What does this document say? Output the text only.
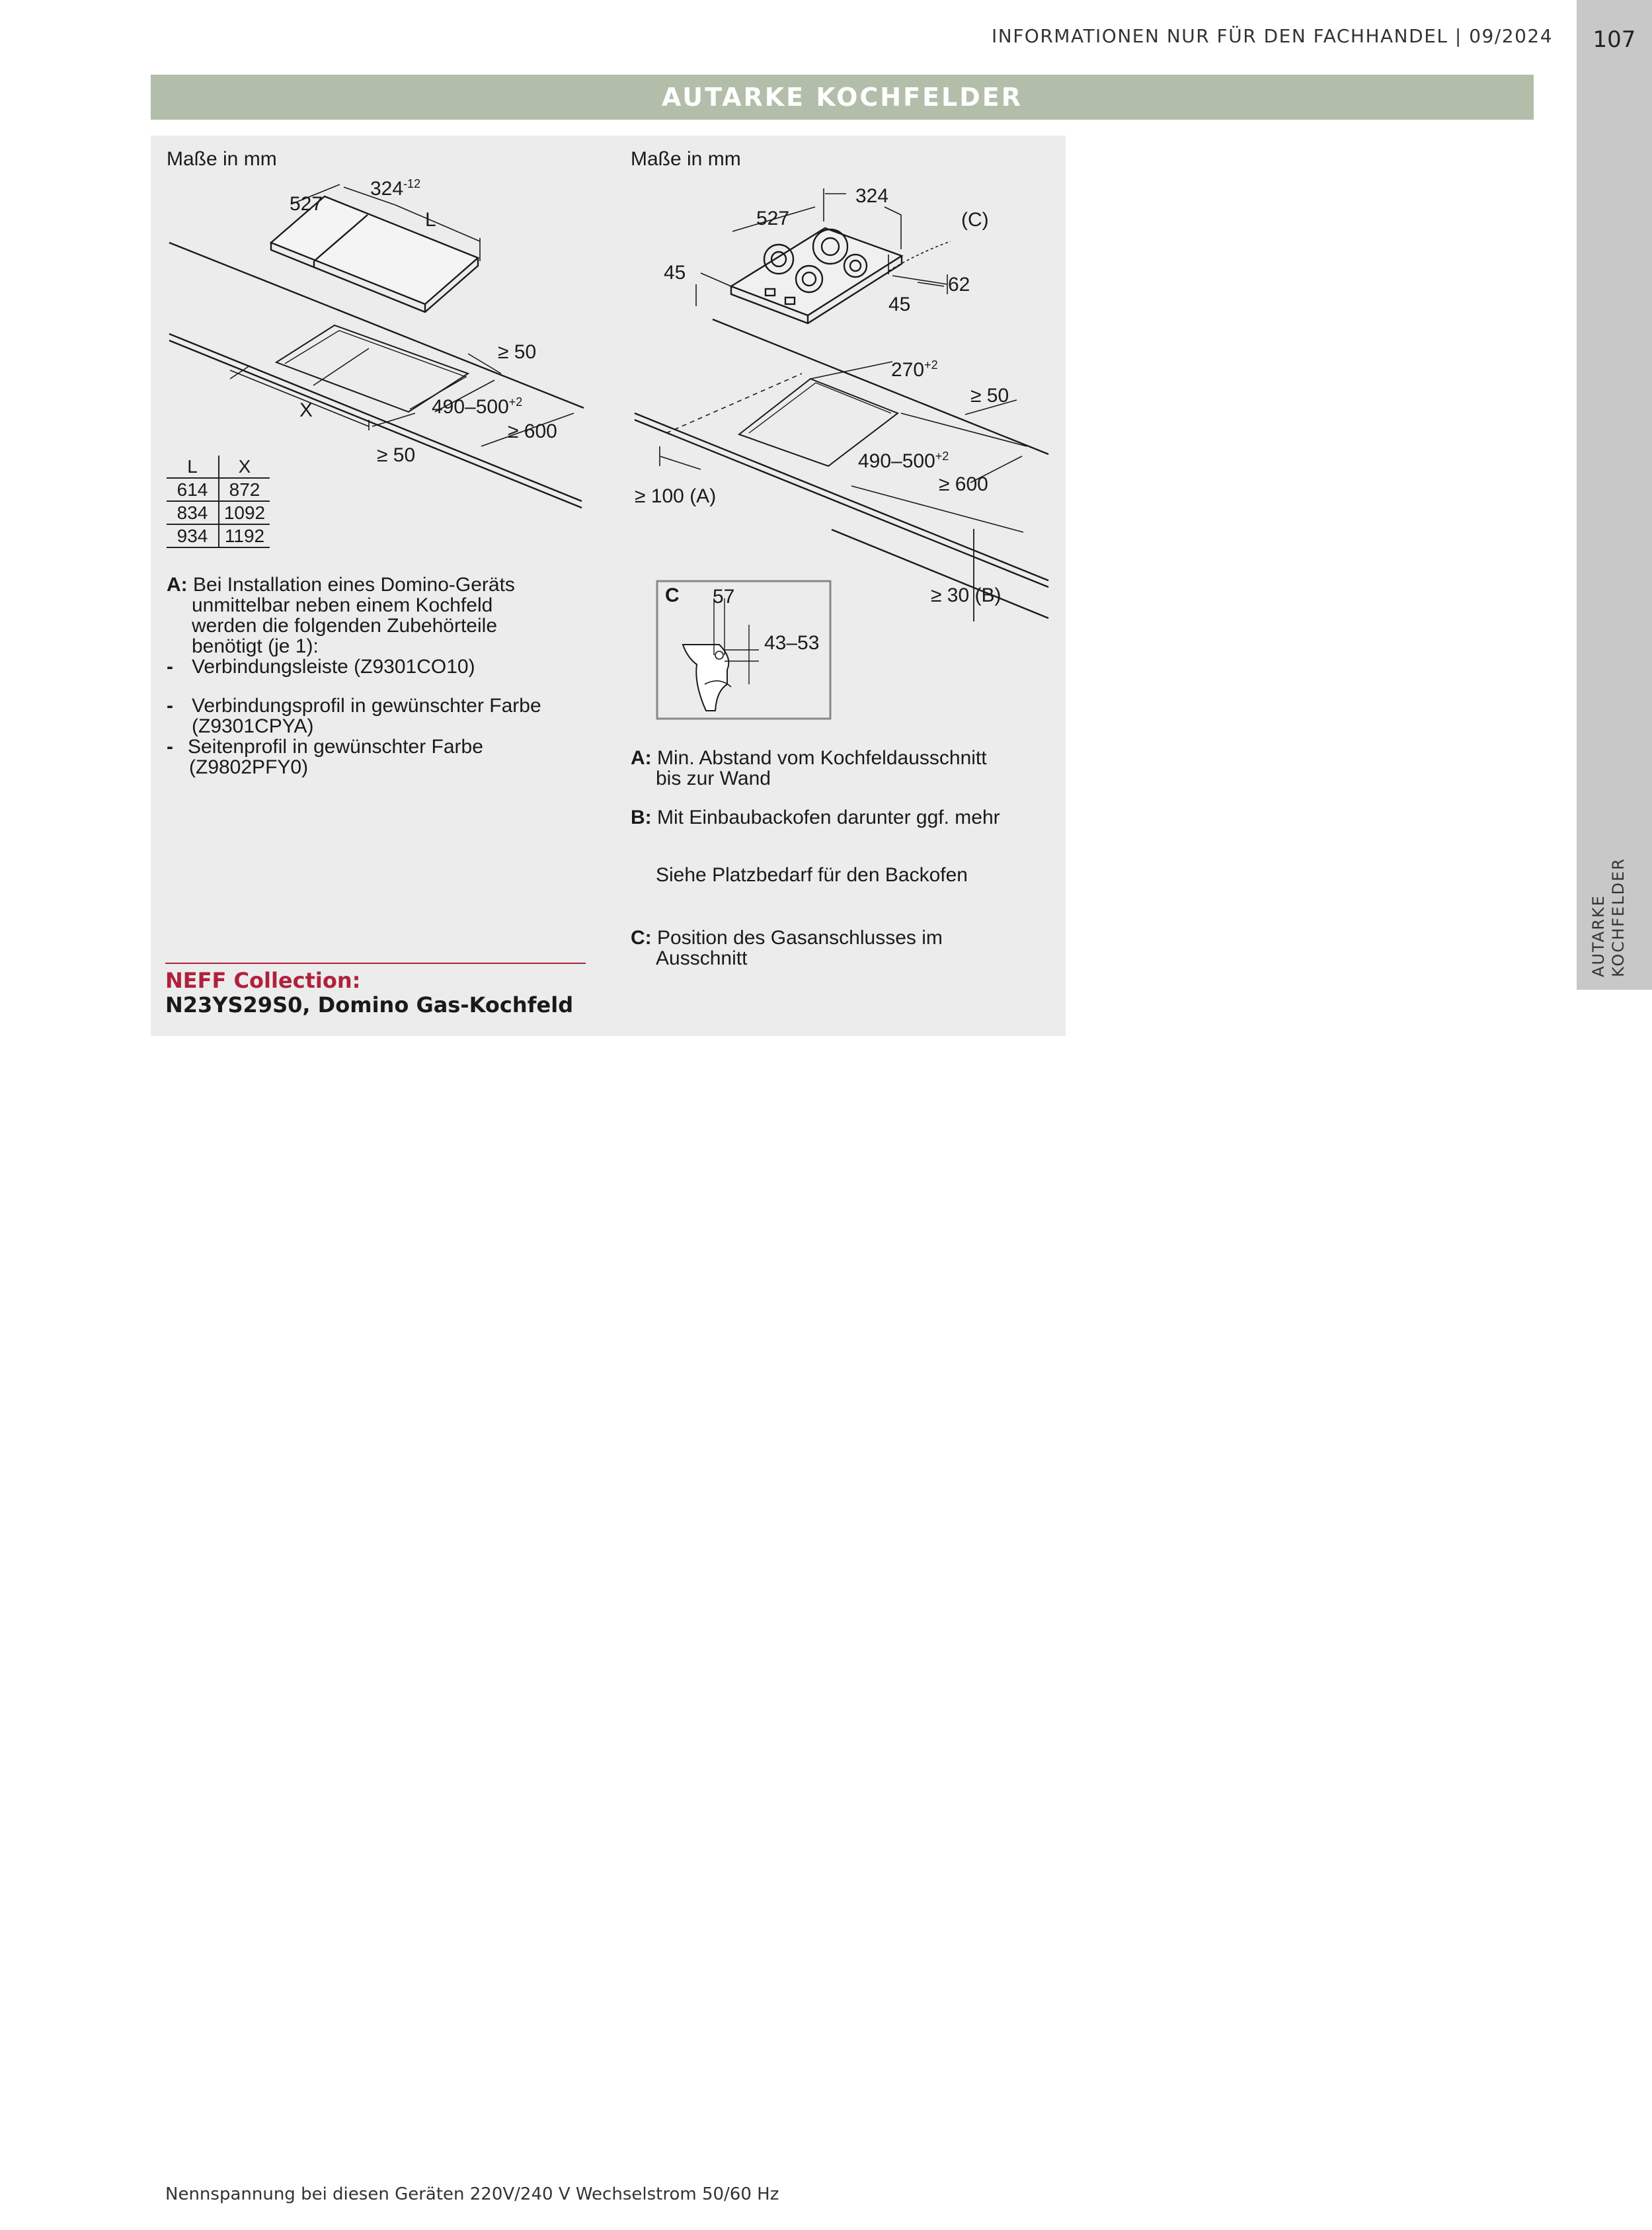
INFORMATIONEN NUR FÜR DEN FACHHANDEL | 09/2024	107
AUTARKE KOCHFELDER
AUTARKE KOCHFELDER
Maße in mm
527
$324^{-12}$
L
≥ 50
$490-500^{+2}$
X
≥ 600
≥ 50
L	X
614	872
834	1092
934	1192

A: Bei Installation eines Domino-Geräts

unmittelbar neben einem Kochfeld

werden die folgenden Zubehörteile

benötigt (je 1):

- Verbindungsleiste (Z9301CO10)

- Verbindungsprofil in gewünschter Farbe

(Z9301CPYA)

- Seitenprofil in gewünschter Farbe

(Z9802PFY0)

Maße in mm
324
527	(C)
45
62
45
$270^{+2}$
≥ 50
$490-500^{+2}$
≥ 600
≥ 100 (A)
≥ 30 (B)
C 57
43–53

A: Min. Abstand vom Kochfeldausschnitt

bis zur Wand

B: Mit Einbaubackofen darunter ggf. mehr

Siehe Platzbedarf für den Backofen

C: Position des Gasanschlusses im

Ausschnitt

NEFF Collection:
N23YS29S0, Domino Gas-Kochfeld
Nennspannung bei diesen Geräten 220V/240 V Wechselstrom 50/60 Hz
